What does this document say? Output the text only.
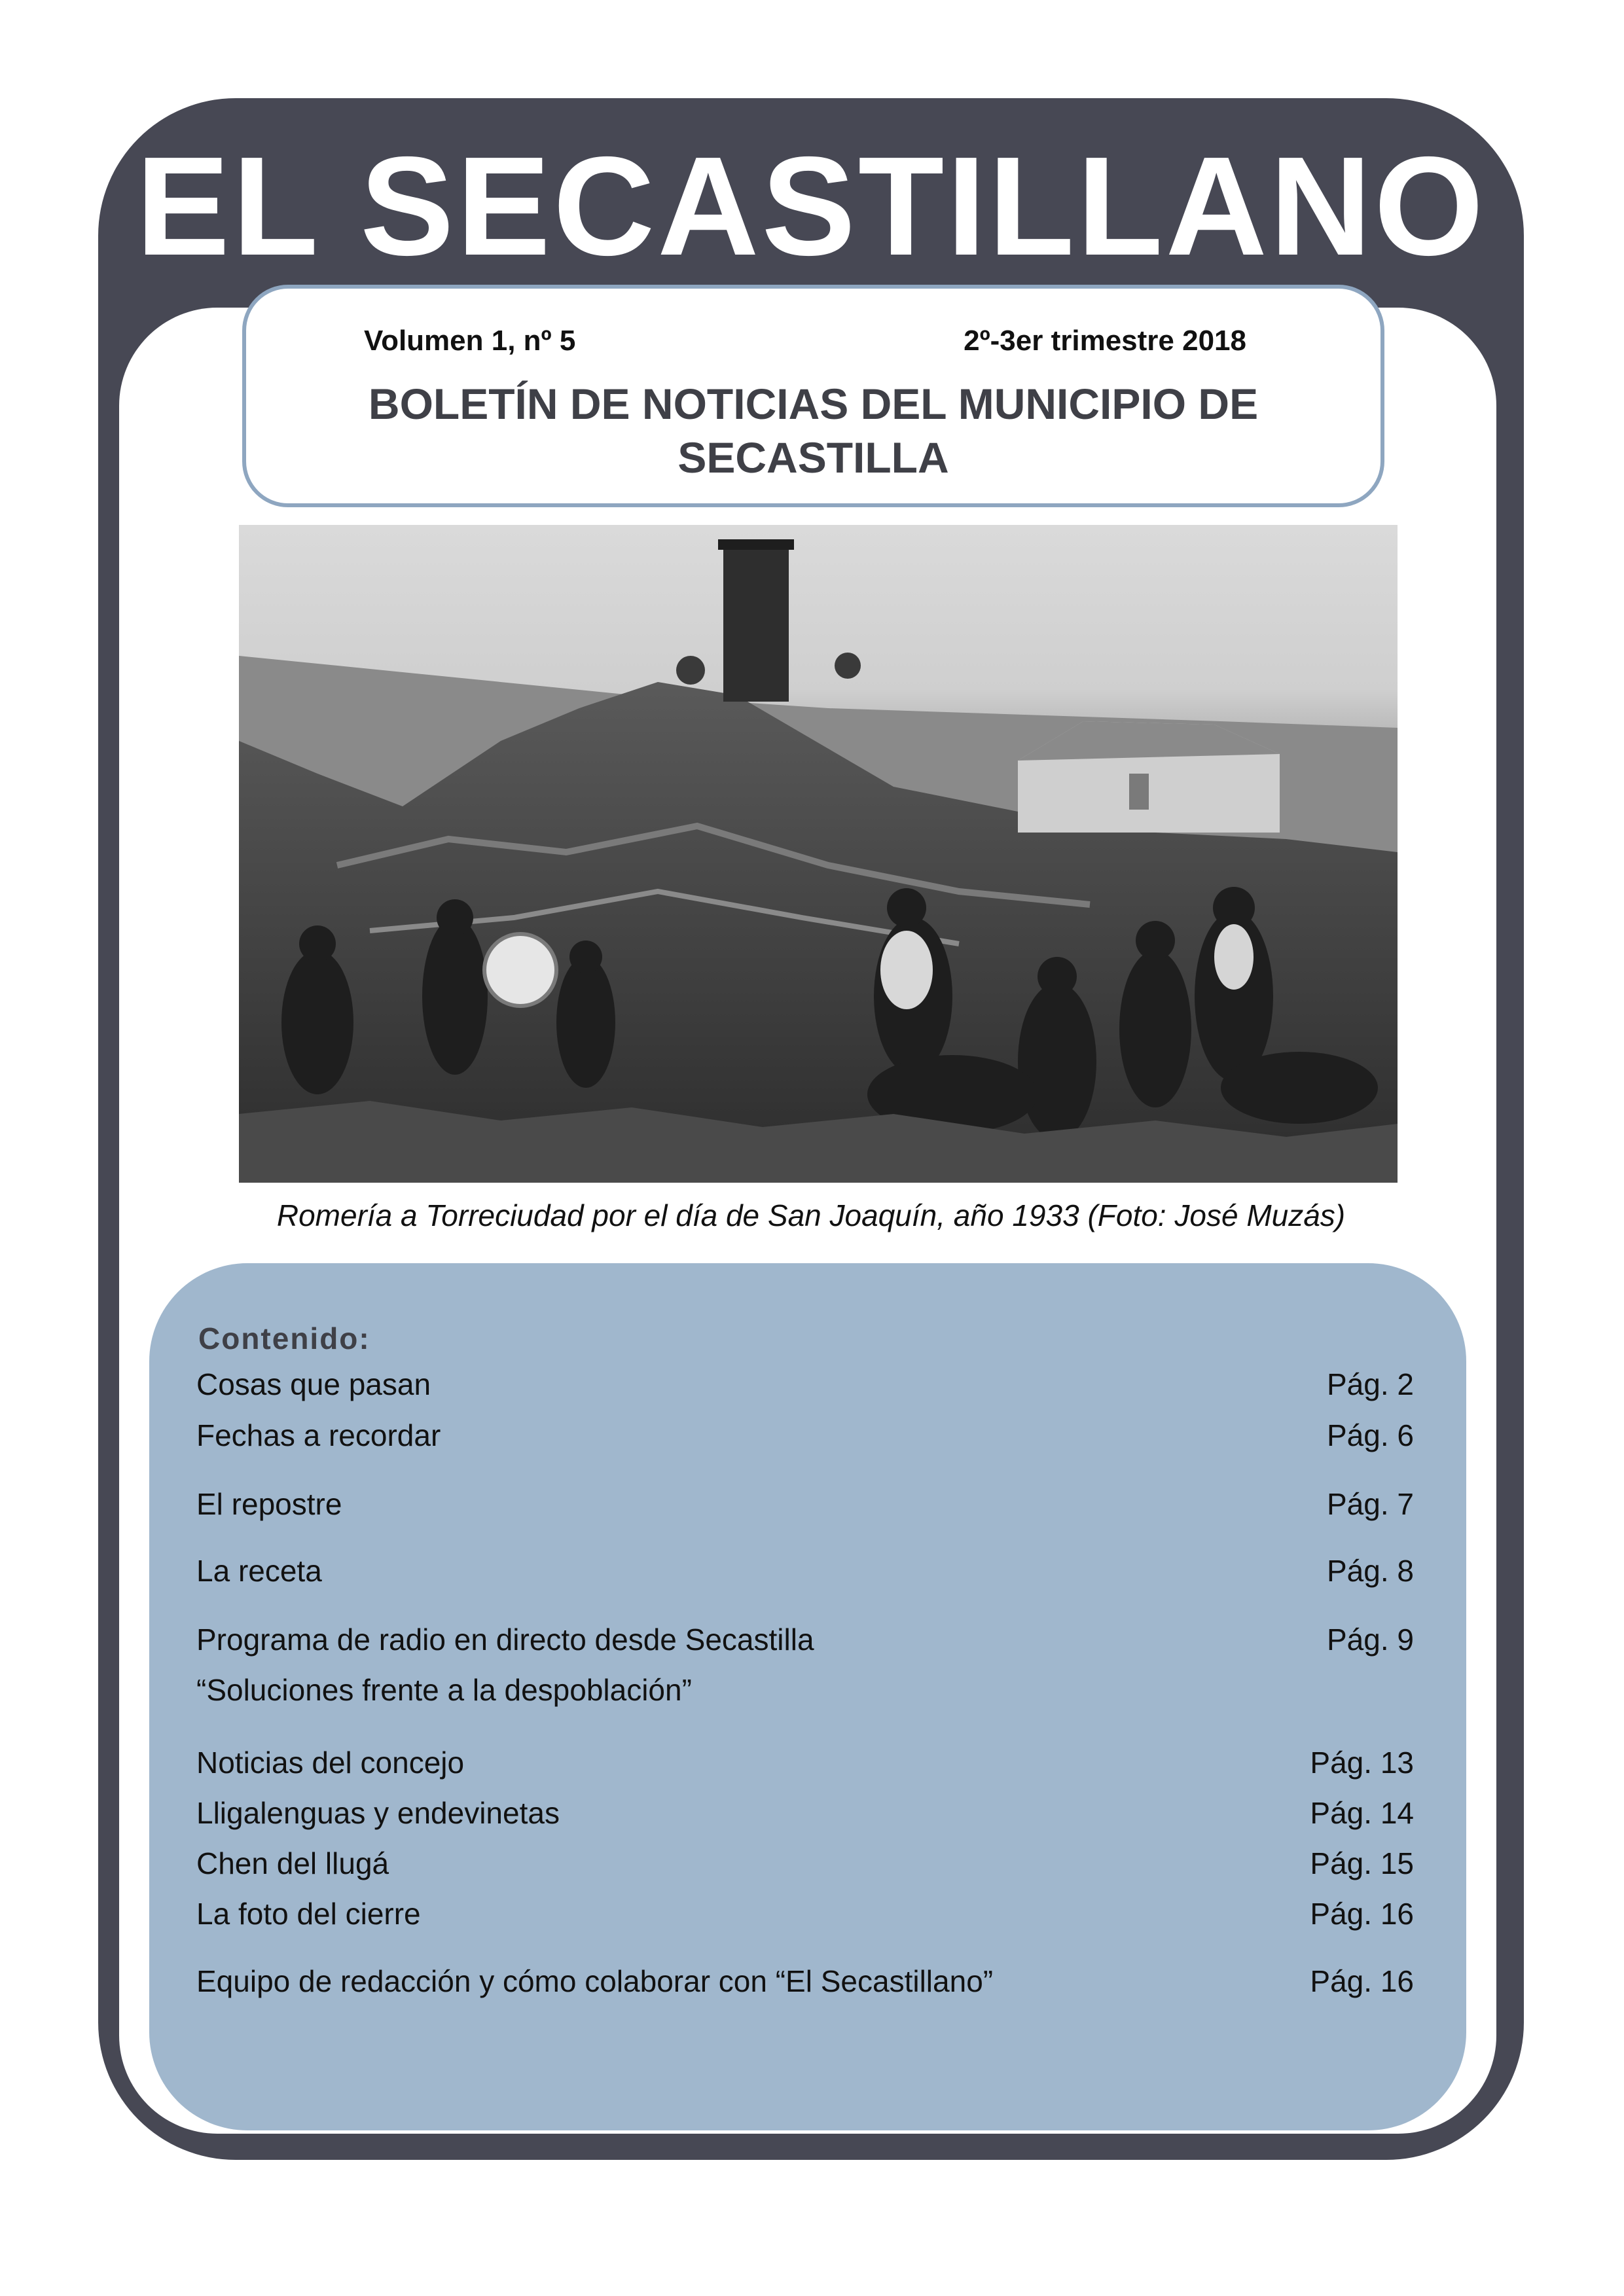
EL SECASTILLANO
Volumen 1, nº 5	2º-3er trimestre 2018
BOLETÍN DE NOTICIAS DEL MUNICIPIO DE SECASTILLA
Romería a Torreciudad por el día de San Joaquín, año 1933 (Foto: José Muzás)
Contenido:
Cosas que pasan	Pág. 2
Fechas a recordar	Pág. 6
El repostre	Pág. 7
La receta	Pág. 8
Programa de radio en directo desde Secastilla	Pág. 9
“Soluciones frente a la despoblación”
Noticias del concejo	Pág. 13
Lligalenguas y endevinetas	Pág. 14
Chen del llugá	Pág. 15
La foto del cierre	Pág. 16
Equipo de redacción y cómo colaborar con “El Secastillano”	Pág. 16
